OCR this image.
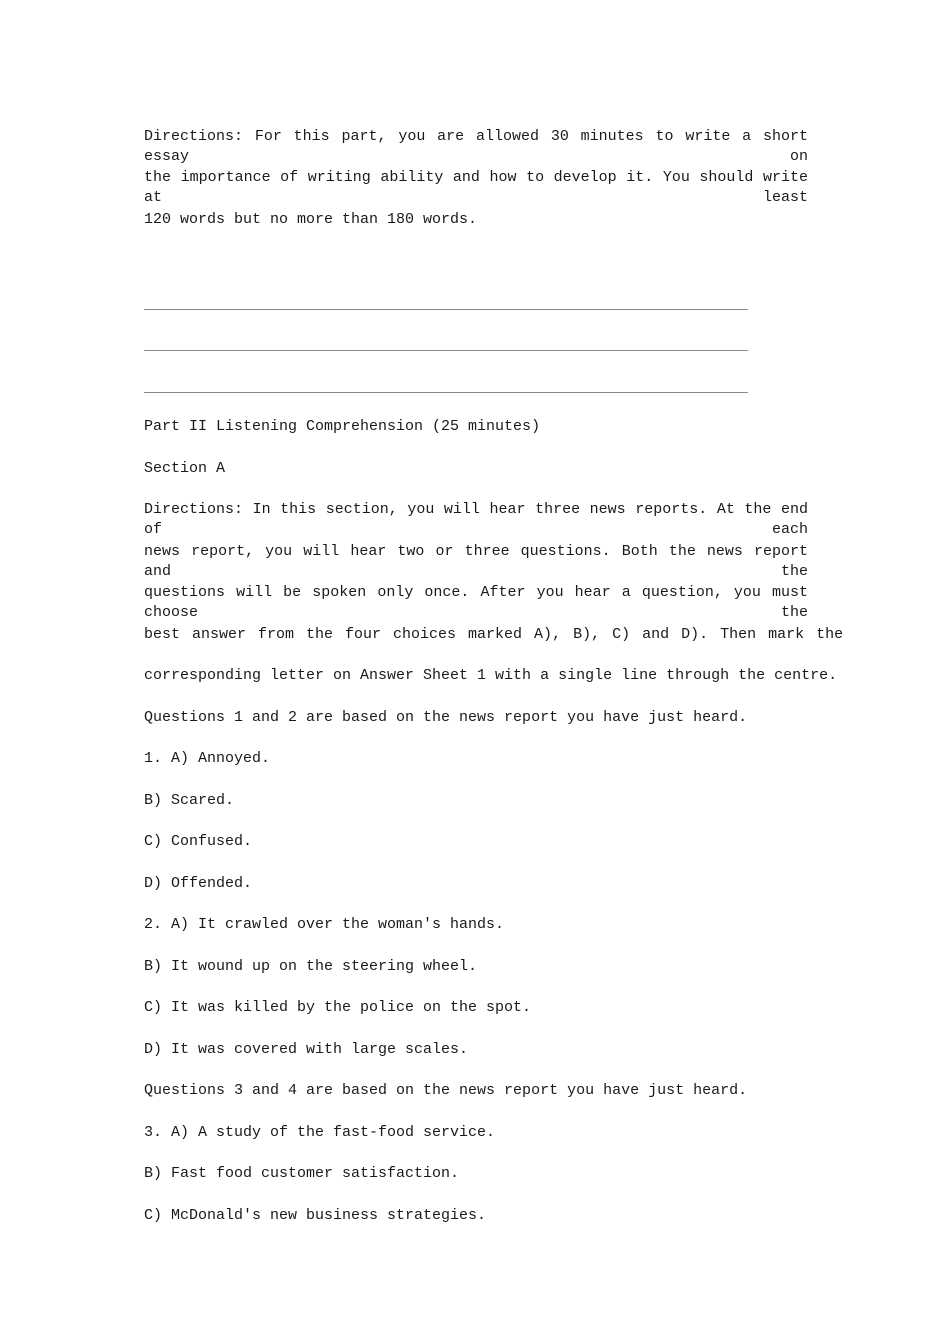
Directions: For this part, you are allowed 30 minutes to write a short essay on
the importance of writing ability and how to develop it. You should write at least
120 words but no more than 180 words.
Part II Listening Comprehension (25 minutes)
Section A
Directions: In this section, you will hear three news reports. At the end of each
news report, you will hear two or three questions. Both the news report and the
questions will be spoken only once. After you hear a question, you must choose the
best answer from the four choices marked A), B), C) and D). Then mark the
corresponding letter on Answer Sheet 1 with a single line through the centre.
Questions 1 and 2 are based on the news report you have just heard.
1. A) Annoyed.
B) Scared.
C) Confused.
D) Offended.
2. A) It crawled over the woman's hands.
B) It wound up on the steering wheel.
C) It was killed by the police on the spot.
D) It was covered with large scales.
Questions 3 and 4 are based on the news report you have just heard.
3. A) A study of the fast-food service.
B) Fast food customer satisfaction.
C) McDonald's new business strategies.
